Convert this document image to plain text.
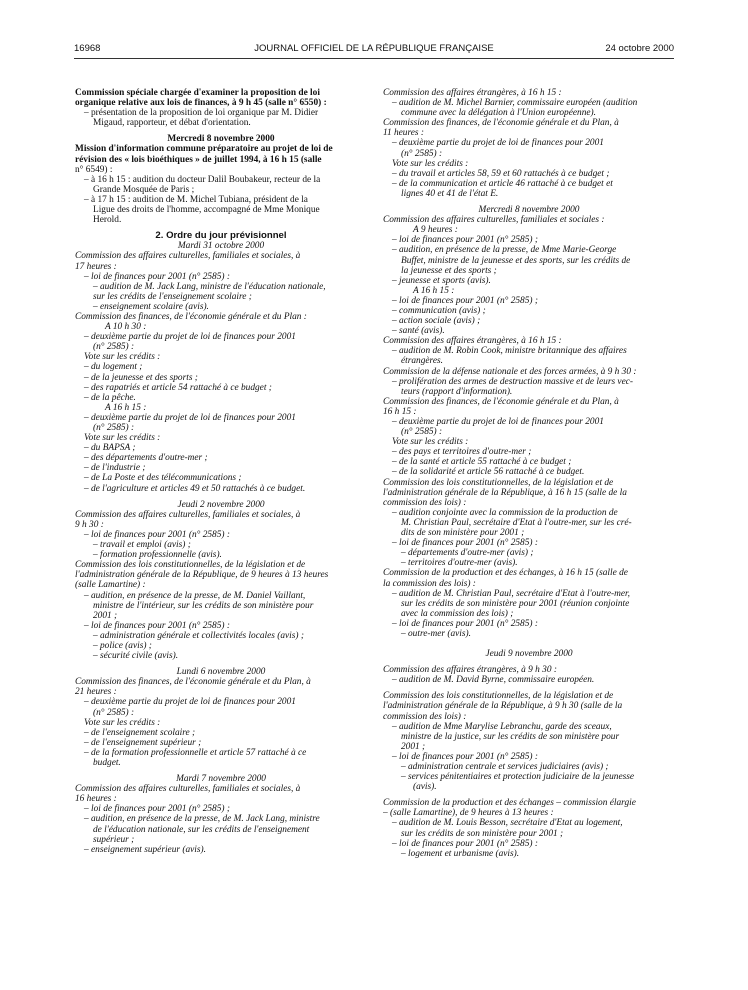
16968	JOURNAL OFFICIEL DE LA RÉPUBLIQUE FRANÇAISE	24 octobre 2000
Commission spéciale chargée d'examiner la proposition de loi
organique relative aux lois de finances, à 9 h 45 (salle n° 6550) :
– présentation de la proposition de loi organique par M. Didier
Migaud, rapporteur, et débat d'orientation.
Mercredi 8 novembre 2000
Mission d'information commune préparatoire au projet de loi de
révision des « lois bioéthiques » de juillet 1994, à 16 h 15 (salle
n° 6549) :
– à 16 h 15 : audition du docteur Dalil Boubakeur, recteur de la
Grande Mosquée de Paris ;
– à 17 h 15 : audition de M. Michel Tubiana, président de la
Ligue des droits de l'homme, accompagné de Mme Monique
Herold.
2. Ordre du jour prévisionnel
Mardi 31 octobre 2000
Commission des affaires culturelles, familiales et sociales, à
17 heures :
– loi de finances pour 2001 (n° 2585) :
– audition de M. Jack Lang, ministre de l'éducation nationale,
sur les crédits de l'enseignement scolaire ;
– enseignement scolaire (avis).
Commission des finances, de l'économie générale et du Plan :
A 10 h 30 :
– deuxième partie du projet de loi de finances pour 2001
(n° 2585) :
Vote sur les crédits :
– du logement ;
– de la jeunesse et des sports ;
– des rapatriés et article 54 rattaché à ce budget ;
– de la pêche.
A 16 h 15 :
– deuxième partie du projet de loi de finances pour 2001
(n° 2585) :
Vote sur les crédits :
– du BAPSA ;
– des départements d'outre-mer ;
– de l'industrie ;
– de La Poste et des télécommunications ;
– de l'agriculture et articles 49 et 50 rattachés à ce budget.
Jeudi 2 novembre 2000
Commission des affaires culturelles, familiales et sociales, à
9 h 30 :
– loi de finances pour 2001 (n° 2585) :
– travail et emploi (avis) ;
– formation professionnelle (avis).
Commission des lois constitutionnelles, de la législation et de
l'administration générale de la République, de 9 heures à 13 heures
(salle Lamartine) :
– audition, en présence de la presse, de M. Daniel Vaillant,
ministre de l'intérieur, sur les crédits de son ministère pour
2001 ;
– loi de finances pour 2001 (n° 2585) :
– administration générale et collectivités locales (avis) ;
– police (avis) ;
– sécurité civile (avis).
Lundi 6 novembre 2000
Commission des finances, de l'économie générale et du Plan, à
21 heures :
– deuxième partie du projet de loi de finances pour 2001
(n° 2585) :
Vote sur les crédits :
– de l'enseignement scolaire ;
– de l'enseignement supérieur ;
– de la formation professionnelle et article 57 rattaché à ce
budget.
Mardi 7 novembre 2000
Commission des affaires culturelles, familiales et sociales, à
16 heures :
– loi de finances pour 2001 (n° 2585) ;
– audition, en présence de la presse, de M. Jack Lang, ministre
de l'éducation nationale, sur les crédits de l'enseignement
supérieur ;
– enseignement supérieur (avis).
Commission des affaires étrangères, à 16 h 15 :
– audition de M. Michel Barnier, commissaire européen (audition
commune avec la délégation à l'Union européenne).
Commission des finances, de l'économie générale et du Plan, à
11 heures :
– deuxième partie du projet de loi de finances pour 2001
(n° 2585) :
Vote sur les crédits :
– du travail et articles 58, 59 et 60 rattachés à ce budget ;
– de la communication et article 46 rattaché à ce budget et
lignes 40 et 41 de l'état E.
Mercredi 8 novembre 2000
Commission des affaires culturelles, familiales et sociales :
A 9 heures :
– loi de finances pour 2001 (n° 2585) ;
– audition, en présence de la presse, de Mme Marie-George
Buffet, ministre de la jeunesse et des sports, sur les crédits de
la jeunesse et des sports ;
– jeunesse et sports (avis).
A 16 h 15 :
– loi de finances pour 2001 (n° 2585) ;
– communication (avis) ;
– action sociale (avis) ;
– santé (avis).
Commission des affaires étrangères, à 16 h 15 :
– audition de M. Robin Cook, ministre britannique des affaires
étrangères.
Commission de la défense nationale et des forces armées, à 9 h 30 :
– prolifération des armes de destruction massive et de leurs vec-
teurs (rapport d'information).
Commission des finances, de l'économie générale et du Plan, à
16 h 15 :
– deuxième partie du projet de loi de finances pour 2001
(n° 2585) :
Vote sur les crédits :
– des pays et territoires d'outre-mer ;
– de la santé et article 55 rattaché à ce budget ;
– de la solidarité et article 56 rattaché à ce budget.
Commission des lois constitutionnelles, de la législation et de
l'administration générale de la République, à 16 h 15 (salle de la
commission des lois) :
– audition conjointe avec la commission de la production de
M. Christian Paul, secrétaire d'Etat à l'outre-mer, sur les cré-
dits de son ministère pour 2001 ;
– loi de finances pour 2001 (n° 2585) :
– départements d'outre-mer (avis) ;
– territoires d'outre-mer (avis).
Commission de la production et des échanges, à 16 h 15 (salle de
la commission des lois) :
– audition de M. Christian Paul, secrétaire d'Etat à l'outre-mer,
sur les crédits de son ministère pour 2001 (réunion conjointe
avec la commission des lois) ;
– loi de finances pour 2001 (n° 2585) :
– outre-mer (avis).
Jeudi 9 novembre 2000
Commission des affaires étrangères, à 9 h 30 :
– audition de M. David Byrne, commissaire européen.
Commission des lois constitutionnelles, de la législation et de
l'administration générale de la République, à 9 h 30 (salle de la
commission des lois) :
– audition de Mme Marylise Lebranchu, garde des sceaux,
ministre de la justice, sur les crédits de son ministère pour
2001 ;
– loi de finances pour 2001 (n° 2585) :
– administration centrale et services judiciaires (avis) ;
– services pénitentiaires et protection judiciaire de la jeunesse
(avis).
Commission de la production et des échanges – commission élargie
– (salle Lamartine), de 9 heures à 13 heures :
– audition de M. Louis Besson, secrétaire d'Etat au logement,
sur les crédits de son ministère pour 2001 ;
– loi de finances pour 2001 (n° 2585) :
– logement et urbanisme (avis).
